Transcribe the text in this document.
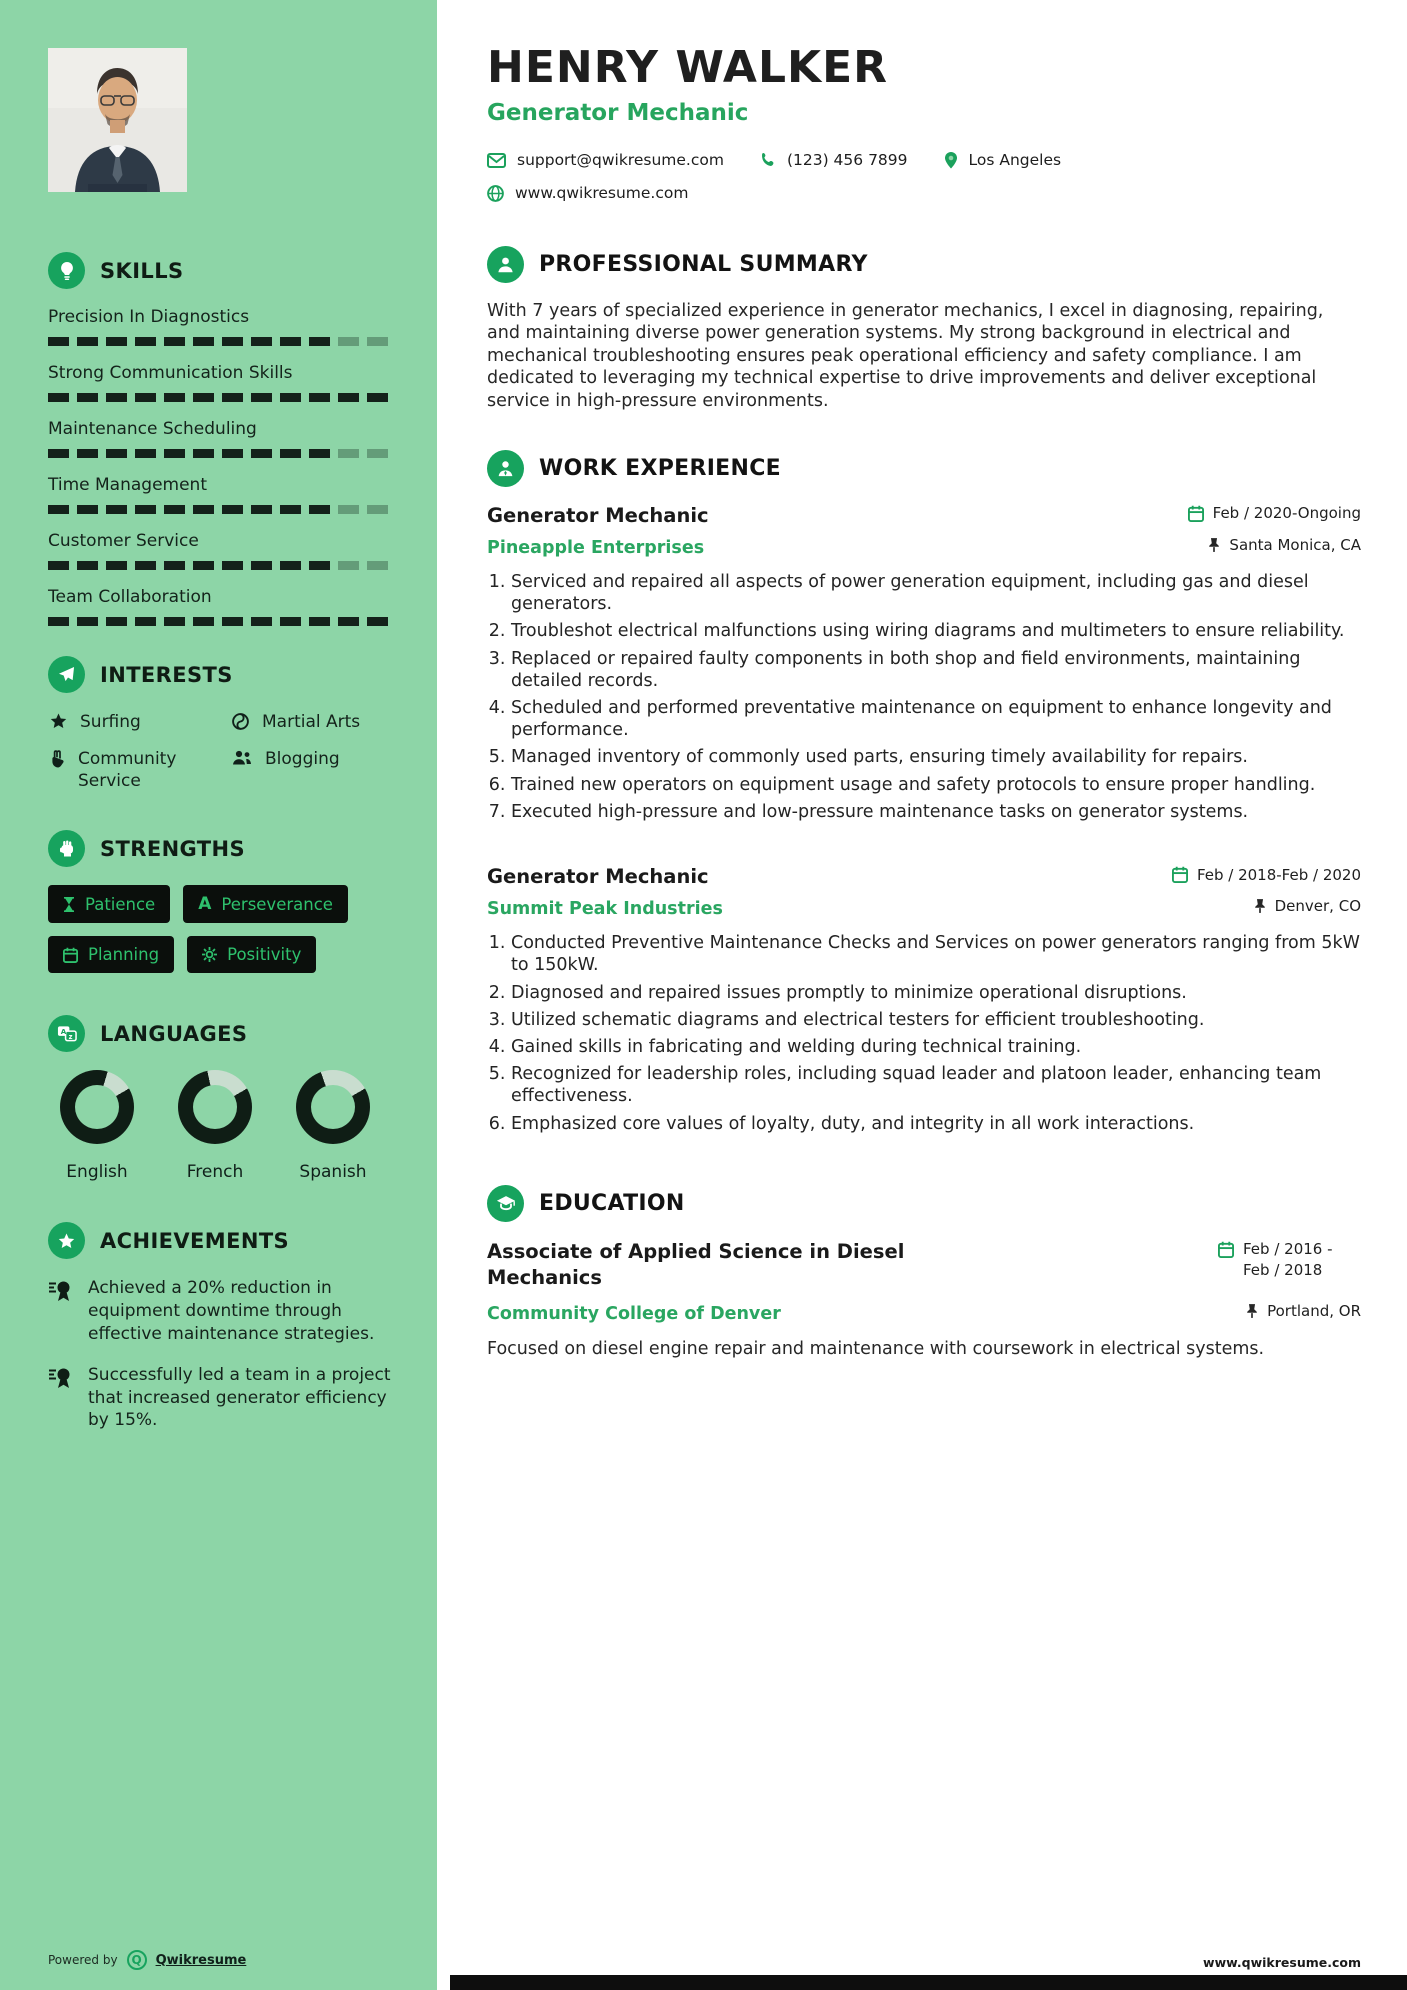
SKILLS
Precision In Diagnostics
Strong Communication Skills
Maintenance Scheduling
Time Management
Customer Service
Team Collaboration
INTERESTS
Surfing	Martial Arts
Community Service
Blogging
STRENGTHS
Patience	A Perseverance
Planning	Positivity
A
z LANGUAGES
English	French	Spanish
ACHIEVEMENTS
Achieved a 20% reduction in equipment downtime through effective maintenance strategies.
Successfully led a team in a project that increased generator efficiency by 15%.
Powered by	Q	Qwikresume
HENRY WALKER
Generator Mechanic
support@qwikresume.com	(123) 456 7899	Los Angeles
www.qwikresume.com
PROFESSIONAL SUMMARY

With 7 years of specialized experience in generator mechanics, I excel in diagnosing, repairing, and maintaining diverse power generation systems. My strong background in electrical and mechanical troubleshooting ensures peak operational efficiency and safety compliance. I am dedicated to leveraging my technical expertise to drive improvements and deliver exceptional service in high-pressure environments.

WORK EXPERIENCE
Generator Mechanic	Feb / 2020-Ongoing
Pineapple Enterprises	Santa Monica, CA
1. Serviced and repaired all aspects of power generation equipment, including gas and diesel generators.
2. Troubleshot electrical malfunctions using wiring diagrams and multimeters to ensure reliability.
3. Replaced or repaired faulty components in both shop and field environments, maintaining detailed records.
4. Scheduled and performed preventative maintenance on equipment to enhance longevity and performance.
5. Managed inventory of commonly used parts, ensuring timely availability for repairs.
6. Trained new operators on equipment usage and safety protocols to ensure proper handling.
7. Executed high-pressure and low-pressure maintenance tasks on generator systems.
Generator Mechanic	Feb / 2018-Feb / 2020
Summit Peak Industries	Denver, CO
1. Conducted Preventive Maintenance Checks and Services on power generators ranging from 5kW to 150kW.
2. Diagnosed and repaired issues promptly to minimize operational disruptions.
3. Utilized schematic diagrams and electrical testers for efficient troubleshooting.
4. Gained skills in fabricating and welding during technical training.
5. Recognized for leadership roles, including squad leader and platoon leader, enhancing team effectiveness.
6. Emphasized core values of loyalty, duty, and integrity in all work interactions.
EDUCATION
Associate of Applied Science in Diesel Mechanics
Feb / 2016 - Feb / 2018
Community College of Denver	Portland, OR

Focused on diesel engine repair and maintenance with coursework in electrical systems.

www.qwikresume.com
